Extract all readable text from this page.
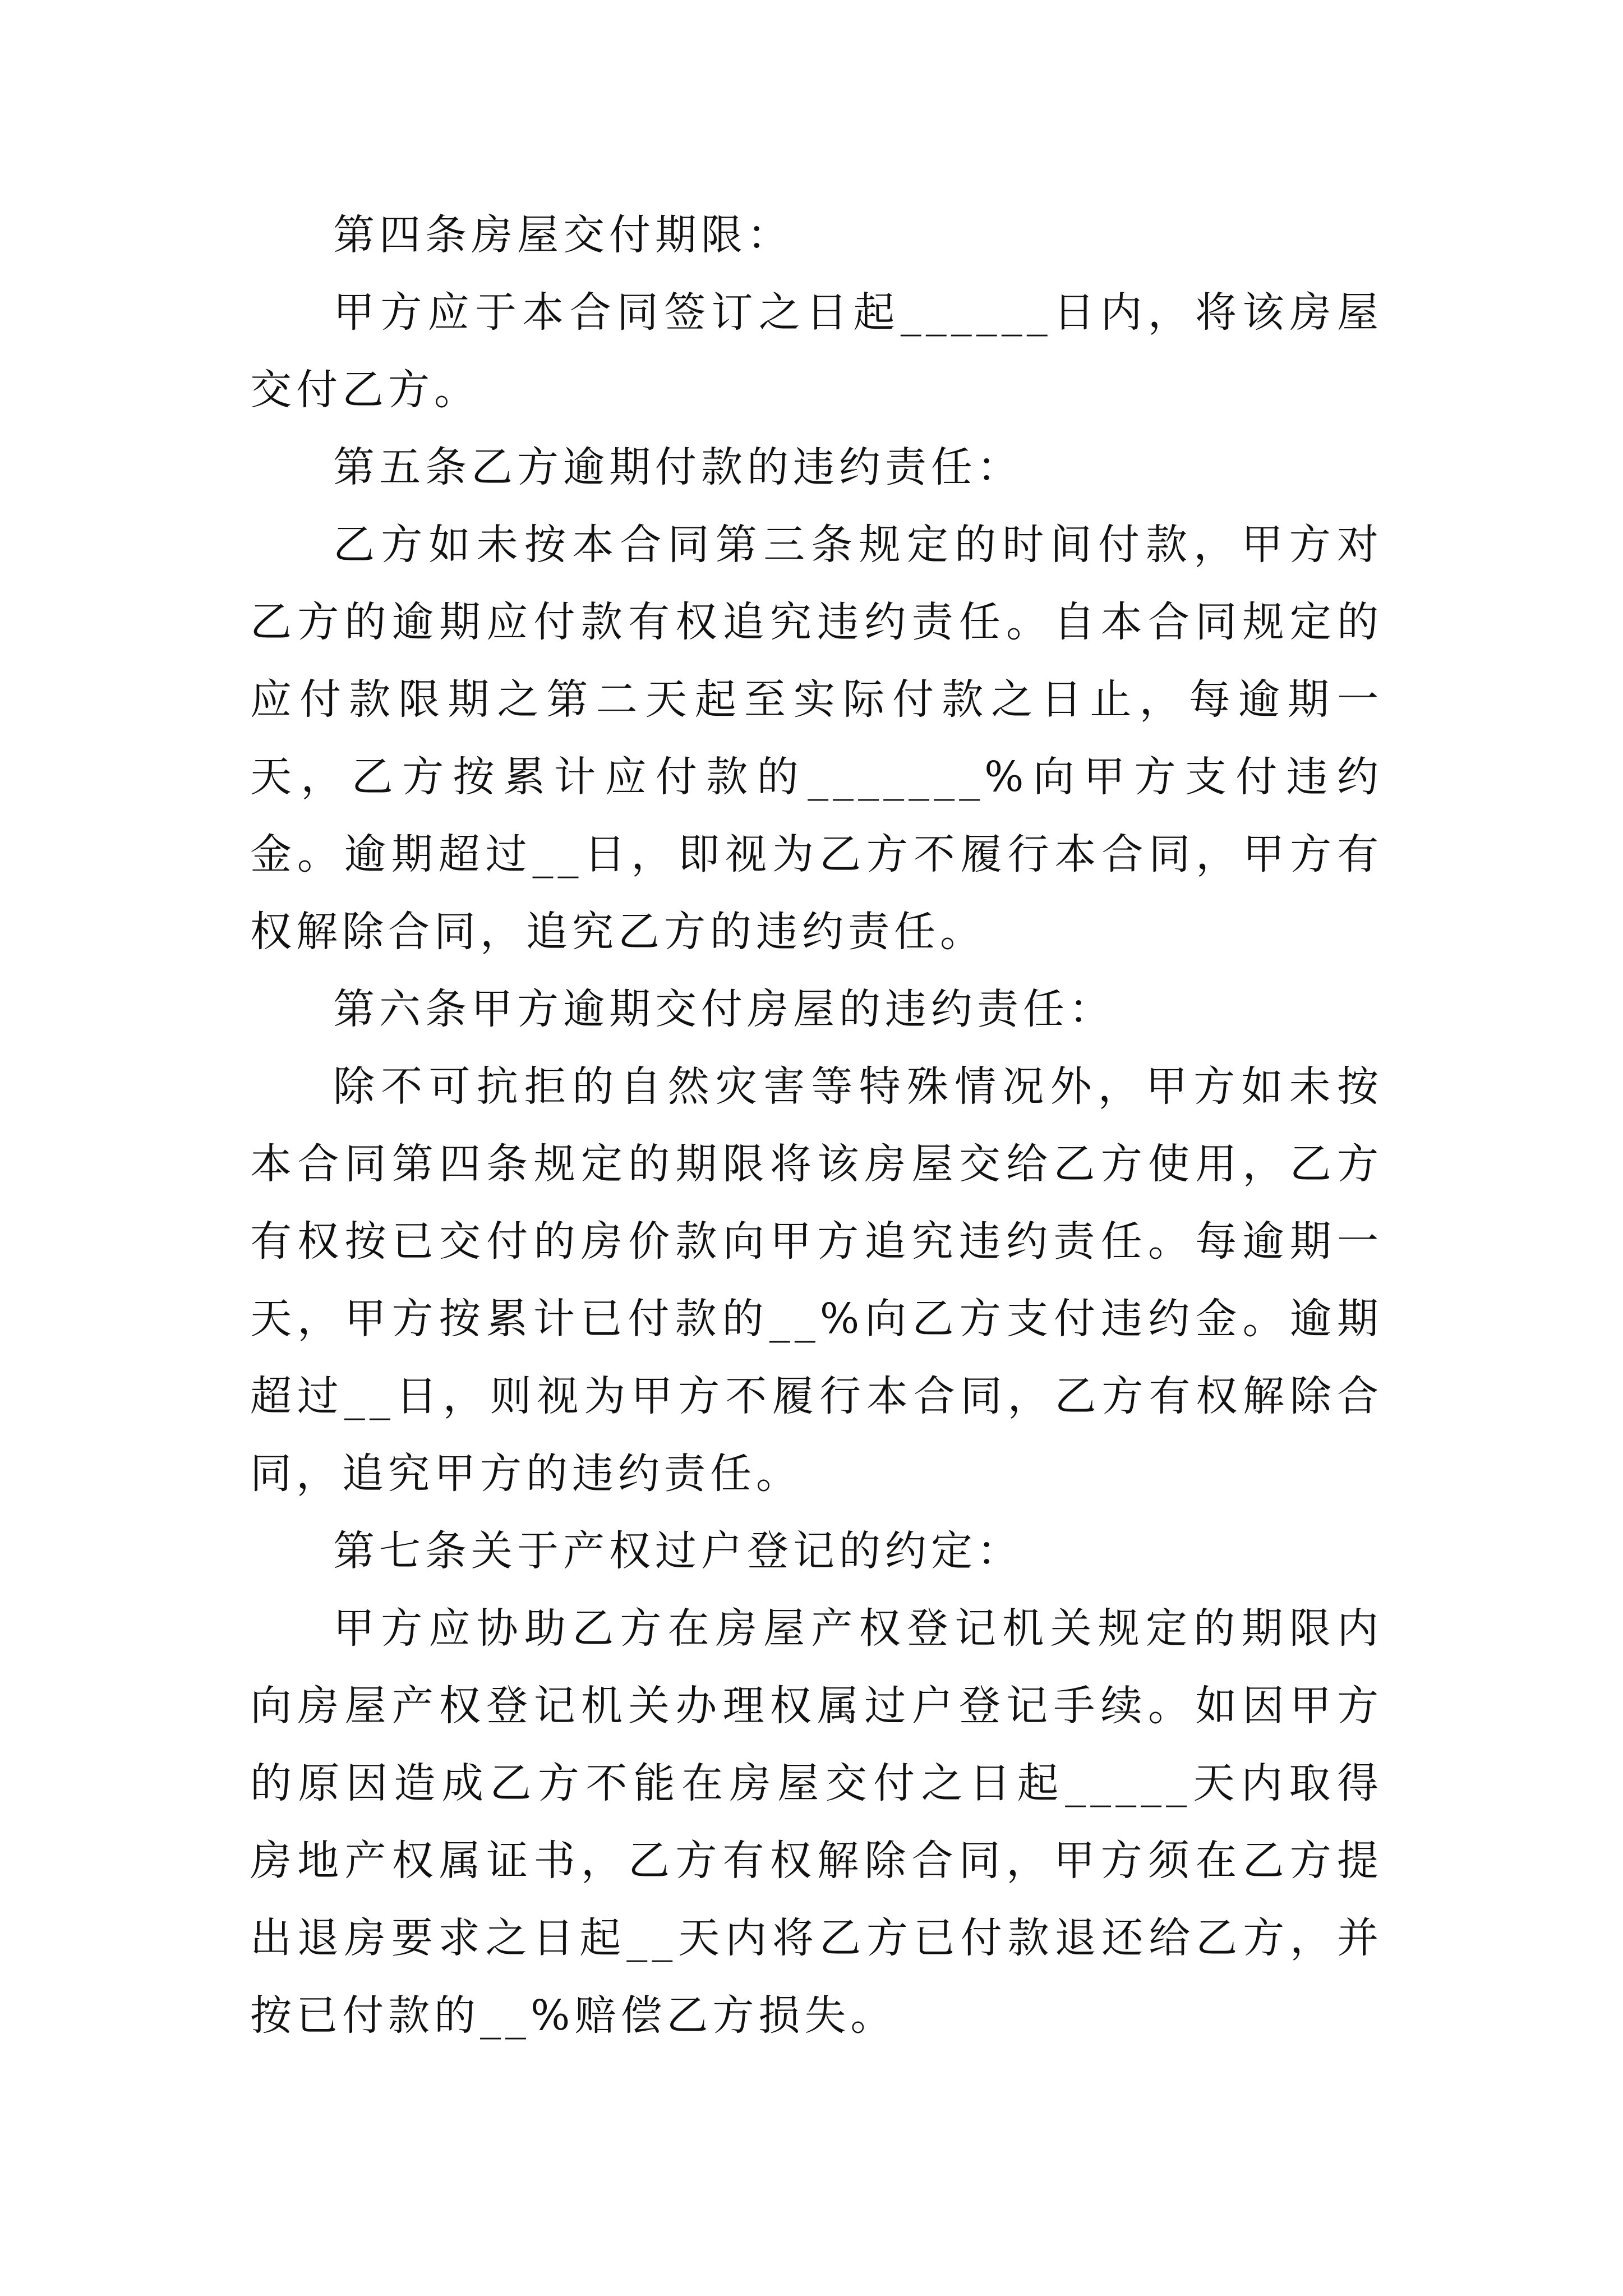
第四条房屋交付期限：

甲方应于本合同签订之日起______日内，将该房屋交付乙方。

第五条乙方逾期付款的违约责任：

乙方如未按本合同第三条规定的时间付款，甲方对乙方的逾期应付款有权追究违约责任。自本合同规定的应付款限期之第二天起至实际付款之日止，每逾期一天，乙方按累计应付款的_______%向甲方支付违约金。逾期超过__日，即视为乙方不履行本合同，甲方有权解除合同，追究乙方的违约责任。

第六条甲方逾期交付房屋的违约责任：

除不可抗拒的自然灾害等特殊情况外，甲方如未按本合同第四条规定的期限将该房屋交给乙方使用，乙方有权按已交付的房价款向甲方追究违约责任。每逾期一天，甲方按累计已付款的__%向乙方支付违约金。逾期超过__日，则视为甲方不履行本合同，乙方有权解除合同，追究甲方的违约责任。

第七条关于产权过户登记的约定：

甲方应协助乙方在房屋产权登记机关规定的期限内向房屋产权登记机关办理权属过户登记手续。如因甲方的原因造成乙方不能在房屋交付之日起_____天内取得房地产权属证书，乙方有权解除合同，甲方须在乙方提出退房要求之日起__天内将乙方已付款退还给乙方，并按已付款的__%赔偿乙方损失。
